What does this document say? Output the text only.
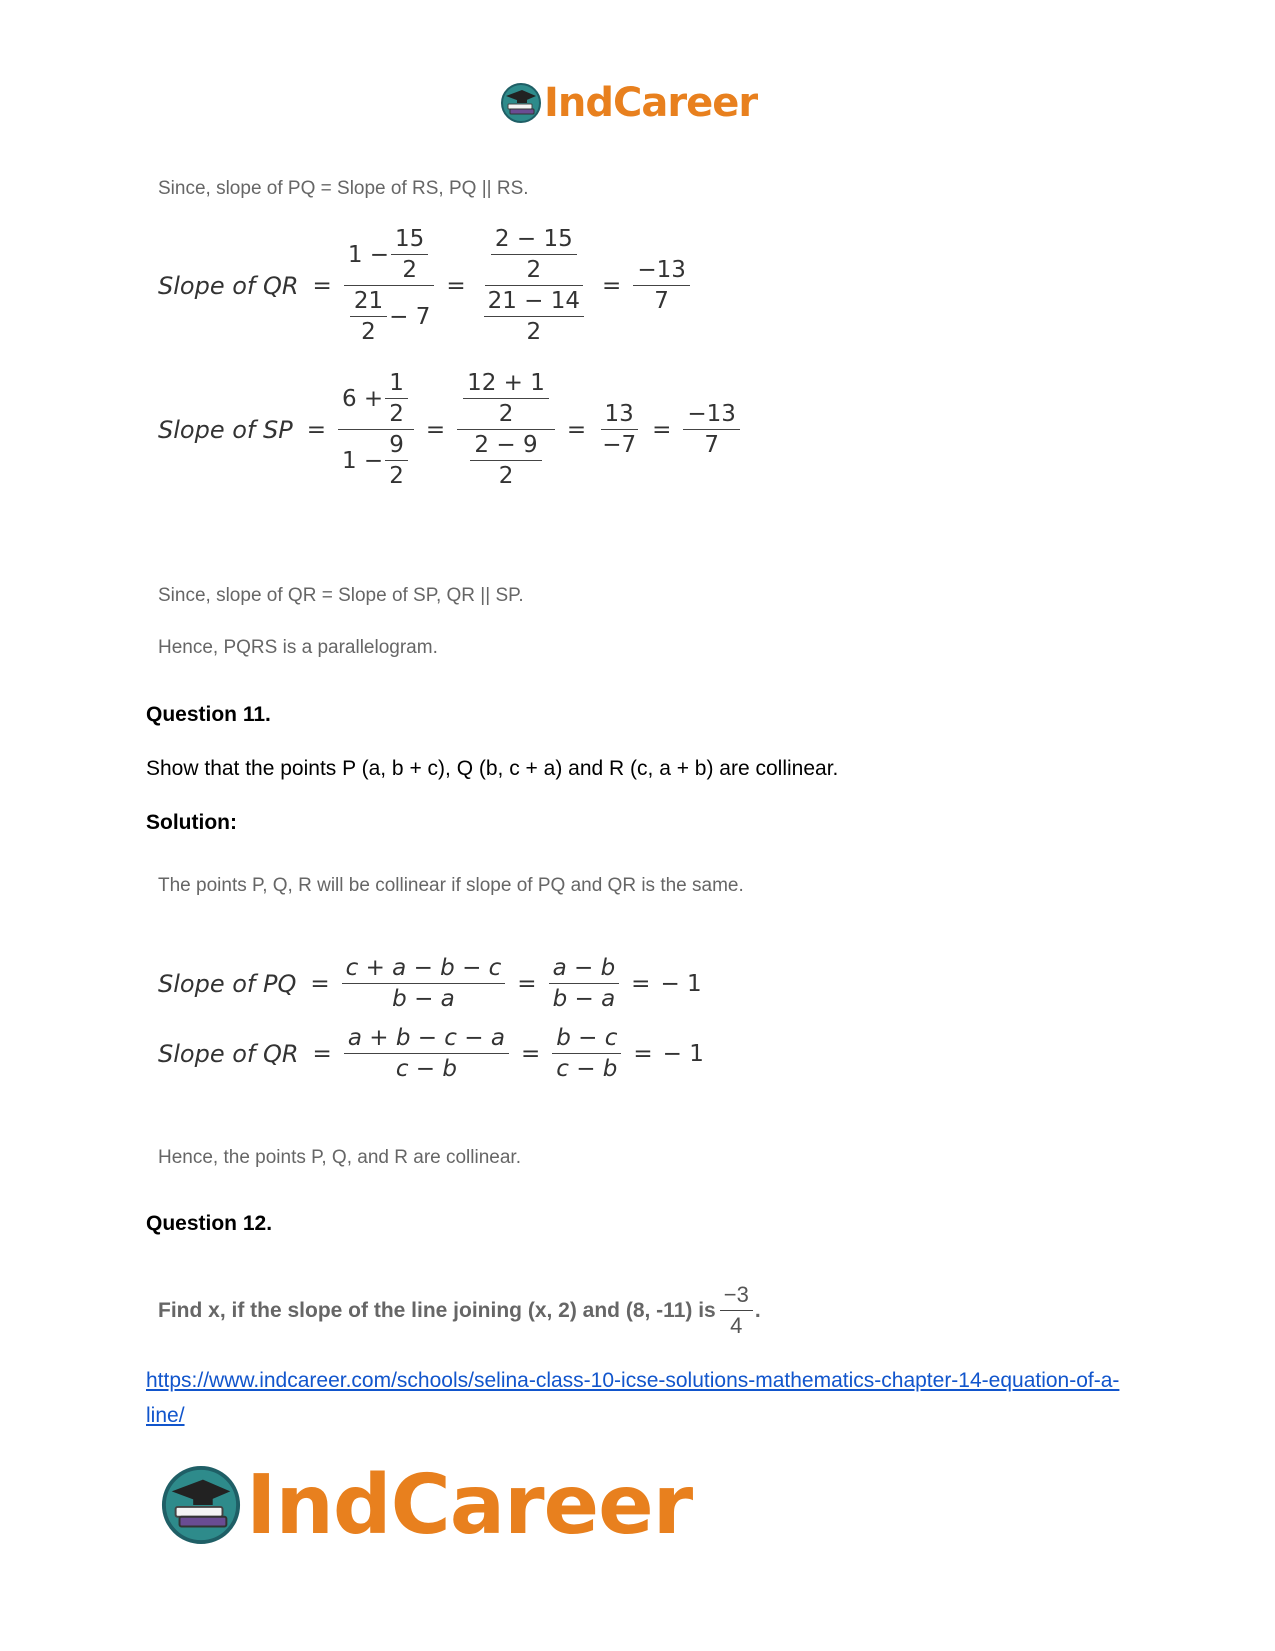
IndCareer
Since, slope of PQ = Slope of RS, PQ || RS.
Slope of QR = $\frac{1 - \frac{15}{2}}{\frac{21}{2} - 7} = \frac{\frac{2 - 15}{2}}{\frac{21 - 14}{2}} = \frac{-13}{7}$
Slope of SP = $\frac{6 + \frac{1}{2}}{1 - \frac{9}{2}} = \frac{\frac{12 + 1}{2}}{\frac{2 - 9}{2}} = \frac{13}{-7} = \frac{-13}{7}$
Since, slope of QR = Slope of SP, QR || SP.
Hence, PQRS is a parallelogram.
Question 11.
Show that the points P (a, b + c), Q (b, c + a) and R (c, a + b) are collinear.
Solution:
The points P, Q, R will be collinear if slope of PQ and QR is the same.
Slope of PQ = $\frac{c + a - b - c}{b - a} = \frac{a - b}{b - a}$ = − 1
Slope of QR = $\frac{a + b - c - a}{c - b} = \frac{b - c}{c - b}$ = − 1
Hence, the points P, Q, and R are collinear.
Question 12.
Find x, if the slope of the line joining (x, 2) and (8, -11) is $\frac{-3}{4}$ .
https://www.indcareer.com/schools/selina-class-10-icse-solutions-mathematics-chapter-14-equation-of-a-line/
IndCareer
